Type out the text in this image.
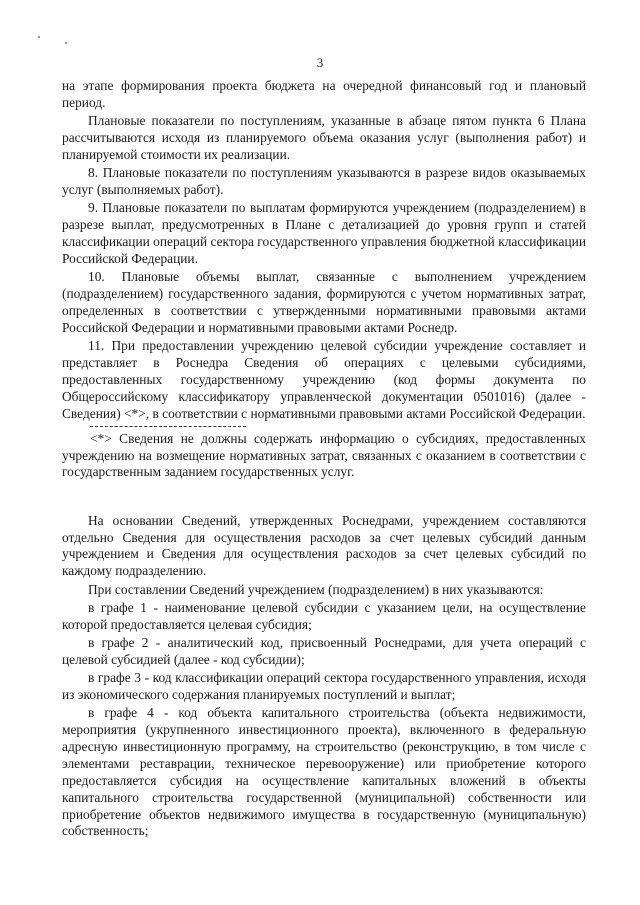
3

на этапе формирования проекта бюджета на очередной финансовый год и плановый период.

Плановые показатели по поступлениям, указанные в абзаце пятом пункта 6 Плана рассчитываются исходя из планируемого объема оказания услуг (выполнения работ) и планируемой стоимости их реализации.

8. Плановые показатели по поступлениям указываются в разрезе видов оказываемых услуг (выполняемых работ).

9. Плановые показатели по выплатам формируются учреждением (подразделением) в разрезе выплат, предусмотренных в Плане с детализацией до уровня групп и статей классификации операций сектора государственного управления бюджетной классификации Российской Федерации.

10. Плановые объемы выплат, связанные с выполнением учреждением (подразделением) государственного задания, формируются с учетом нормативных затрат, определенных в соответствии с утвержденными нормативными правовыми актами Российской Федерации и нормативными правовыми актами Роснедр.

11. При предоставлении учреждению целевой субсидии учреждение составляет и представляет в Роснедра Сведения об операциях с целевыми субсидиями, предоставленных государственному учреждению (код формы документа по Общероссийскому классификатору управленческой документации 0501016) (далее - Сведения) <*>, в соответствии с нормативными правовыми актами Российской Федерации.

<*> Сведения не должны содержать информацию о субсидиях, предоставленных учреждению на возмещение нормативных затрат, связанных с оказанием в соответствии с государственным заданием государственных услуг.

На основании Сведений, утвержденных Роснедрами, учреждением составляются отдельно Сведения для осуществления расходов за счет целевых субсидий данным учреждением и Сведения для осуществления расходов за счет целевых субсидий по каждому подразделению.

При составлении Сведений учреждением (подразделением) в них указываются:

в графе 1 - наименование целевой субсидии с указанием цели, на осуществление которой предоставляется целевая субсидия;

в графе 2 - аналитический код, присвоенный Роснедрами, для учета операций с целевой субсидией (далее - код субсидии);

в графе 3 - код классификации операций сектора государственного управления, исходя из экономического содержания планируемых поступлений и выплат;

в графе 4 - код объекта капитального строительства (объекта недвижимости, мероприятия (укрупненного инвестиционного проекта), включенного в федеральную адресную инвестиционную программу, на строительство (реконструкцию, в том числе с элементами реставрации, техническое перевооружение) или приобретение которого предоставляется субсидия на осуществление капитальных вложений в объекты капитального строительства государственной (муниципальной) собственности или приобретение объектов недвижимого имущества в государственную (муниципальную) собственность;
